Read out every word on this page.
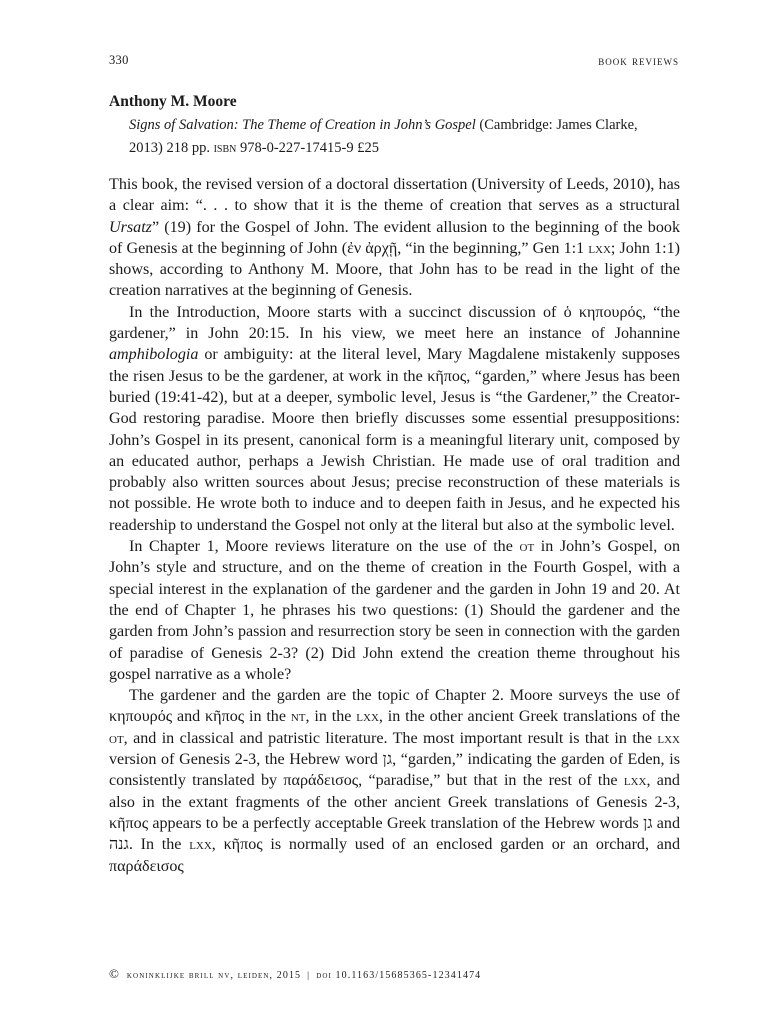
330	book reviews

Anthony M. Moore

Signs of Salvation: The Theme of Creation in John’s Gospel (Cambridge: James Clarke, 2013) 218 pp. isbn 978-0-227-17415-9 £25

This book, the revised version of a doctoral dissertation (University of Leeds, 2010), has a clear aim: “. . . to show that it is the theme of creation that serves as a structural Ursatz” (19) for the Gospel of John. The evident allusion to the beginning of the book of Genesis at the beginning of John (ἐν ἀρχῇ, “in the beginning,” Gen 1:1 lxx; John 1:1) shows, according to Anthony M. Moore, that John has to be read in the light of the creation narratives at the beginning of Genesis.

In the Introduction, Moore starts with a succinct discussion of ὁ κηπουρός, “the gardener,” in John 20:15. In his view, we meet here an instance of Johannine amphibologia or ambiguity: at the literal level, Mary Magdalene mistakenly supposes the risen Jesus to be the gardener, at work in the κῆπος, “garden,” where Jesus has been buried (19:41-42), but at a deeper, symbolic level, Jesus is “the Gardener,” the Creator-God restoring paradise. Moore then briefly discusses some essential presuppositions: John’s Gospel in its present, canonical form is a meaningful literary unit, composed by an educated author, perhaps a Jewish Christian. He made use of oral tradition and probably also written sources about Jesus; precise reconstruction of these materials is not possible. He wrote both to induce and to deepen faith in Jesus, and he expected his readership to understand the Gospel not only at the literal but also at the symbolic level.

In Chapter 1, Moore reviews literature on the use of the ot in John’s Gospel, on John’s style and structure, and on the theme of creation in the Fourth Gospel, with a special interest in the explanation of the gardener and the garden in John 19 and 20. At the end of Chapter 1, he phrases his two questions: (1) Should the gardener and the garden from John’s passion and resurrection story be seen in connection with the garden of paradise of Genesis 2-3? (2) Did John extend the creation theme throughout his gospel narrative as a whole?

The gardener and the garden are the topic of Chapter 2. Moore surveys the use of κηπουρός and κῆπος in the nt, in the lxx, in the other ancient Greek translations of the ot, and in classical and patristic literature. The most important result is that in the lxx version of Genesis 2-3, the Hebrew word גן, “garden,” indicating the garden of Eden, is consistently translated by παράδεισος, “paradise,” but that in the rest of the lxx, and also in the extant fragments of the other ancient Greek translations of Genesis 2-3, κῆπος appears to be a perfectly acceptable Greek translation of the Hebrew words גן and גנה. In the lxx, κῆπος is normally used of an enclosed garden or an orchard, and παράδεισος

© koninklijke brill nv, leiden, 2015 | doi 10.1163/15685365-12341474
